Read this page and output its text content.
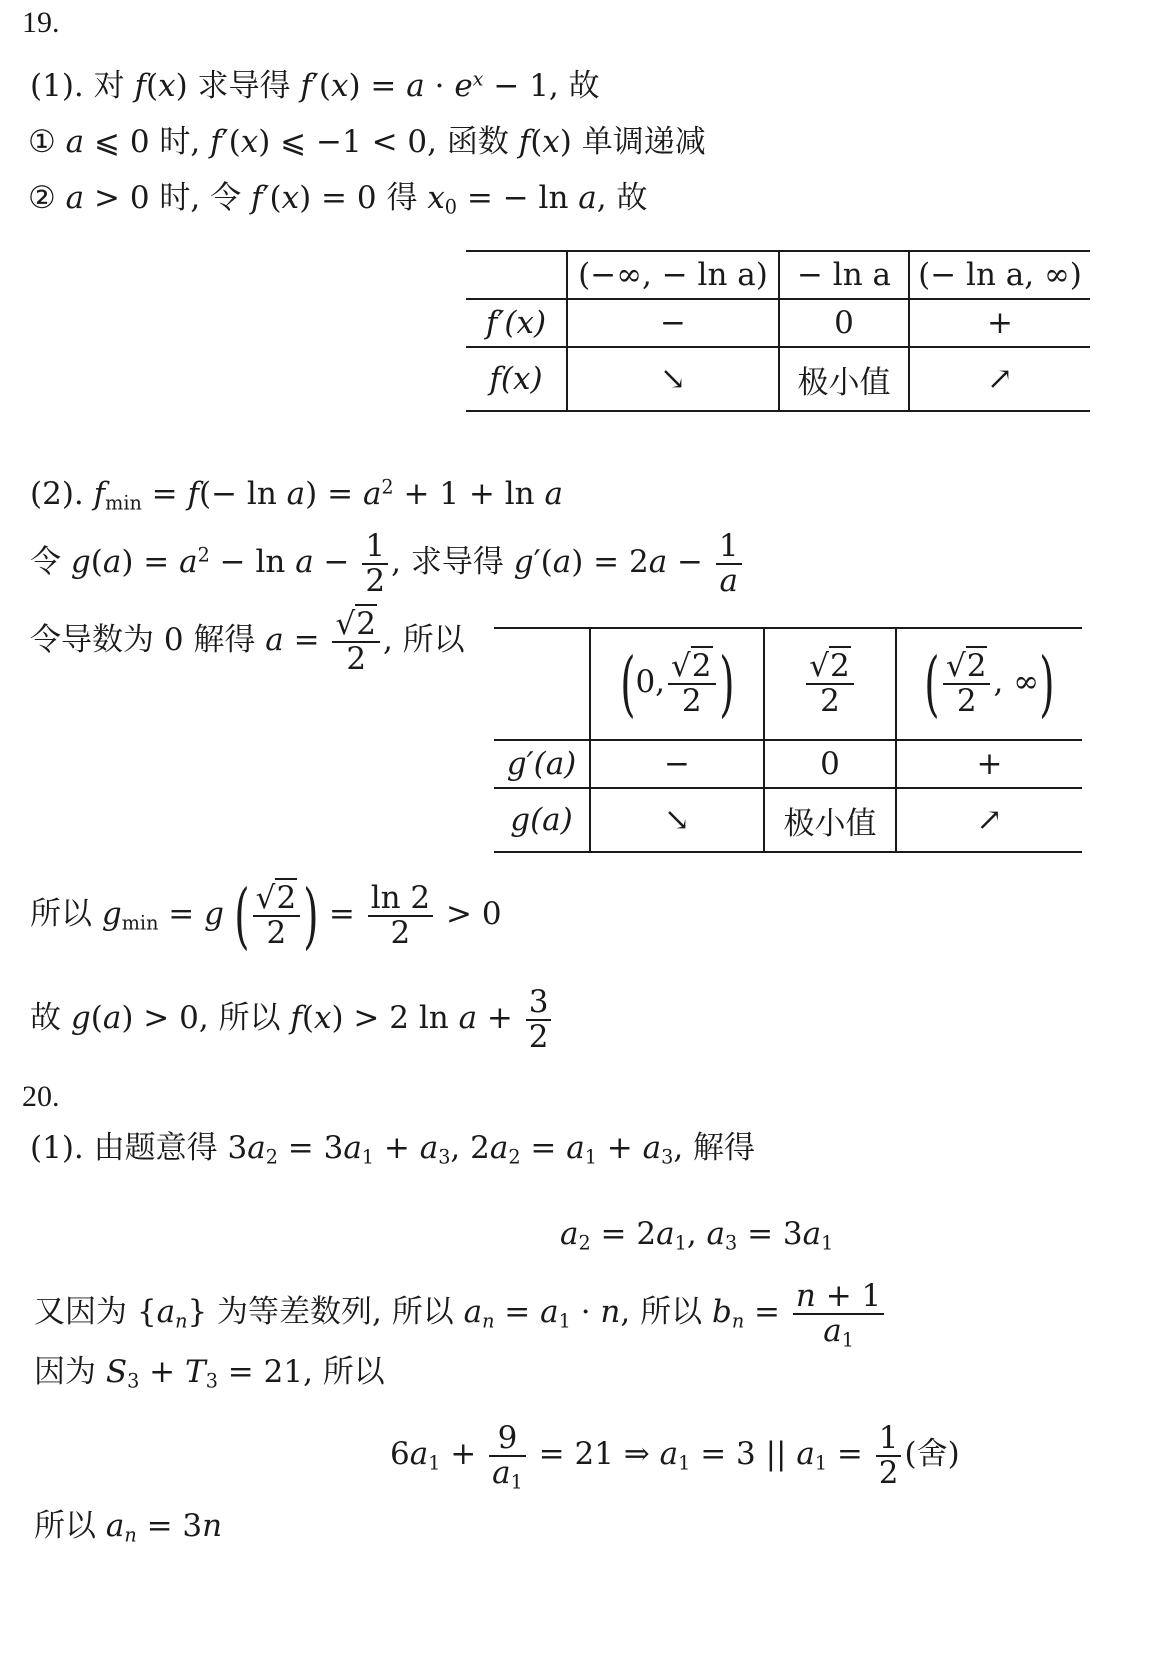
19.
(1). 对 f(x) 求导得 $f'(x) = a \cdot e^x - 1$, 故
① a ⩽ 0 时, f′(x) ⩽ −1 < 0, 函数 f(x) 单调递减
② a > 0 时, 令 f′(x) = 0 得 $x_0$ = − ln a, 故
	(−∞, − ln a)	− ln a	(− ln a, ∞)
f′(x)	−	0	+
f(x)	↘	极小值	↗
(2). $f_{min} = f(- \ln a) = a^2 + 1 + \ln a$
令 $g(a) = a^2 - \ln a - \frac{1}{2}$ , 求导得 $g'(a) = 2a - \frac{1}{a}$
令导数为 0 解得 $a = \frac{√2}{2}$ , 所以
	(0, $\frac{√2}{2}$ )	$\frac{√2}{2}$	( $\frac{√2}{2}$ , ∞)
g′(a)	−	0	+
g(a)	↘	极小值	↗
所以 $g_{min} = g$ ( $\frac{√2}{2}$ ) = $\frac{\ln 2}{2} > 0$
故 g(a) > 0, 所以 f(x) > 2 $\ln a + \frac{3}{2}$
20.
(1). 由题意得 $3a_2 = 3a_1 + a_3$, $2a_2 = a_1 + a_3$, 解得
$a_2 = 2a_1$, $a_3 = 3a_1$
又因为 $\{a_n\}$ 为等差数列, 所以 $a_n = a_1 \cdot n$, 所以 $b_n = \frac{n + 1}{a_1}$
因为 $S_3 + T_3 = 21$, 所以
$6a_1 + \frac{9}{a_1} = 21$ ⇒ $a_1 = 3$ || $a_1 = \frac{1}{2}$ (舍)
所以 $a_n = 3n$
